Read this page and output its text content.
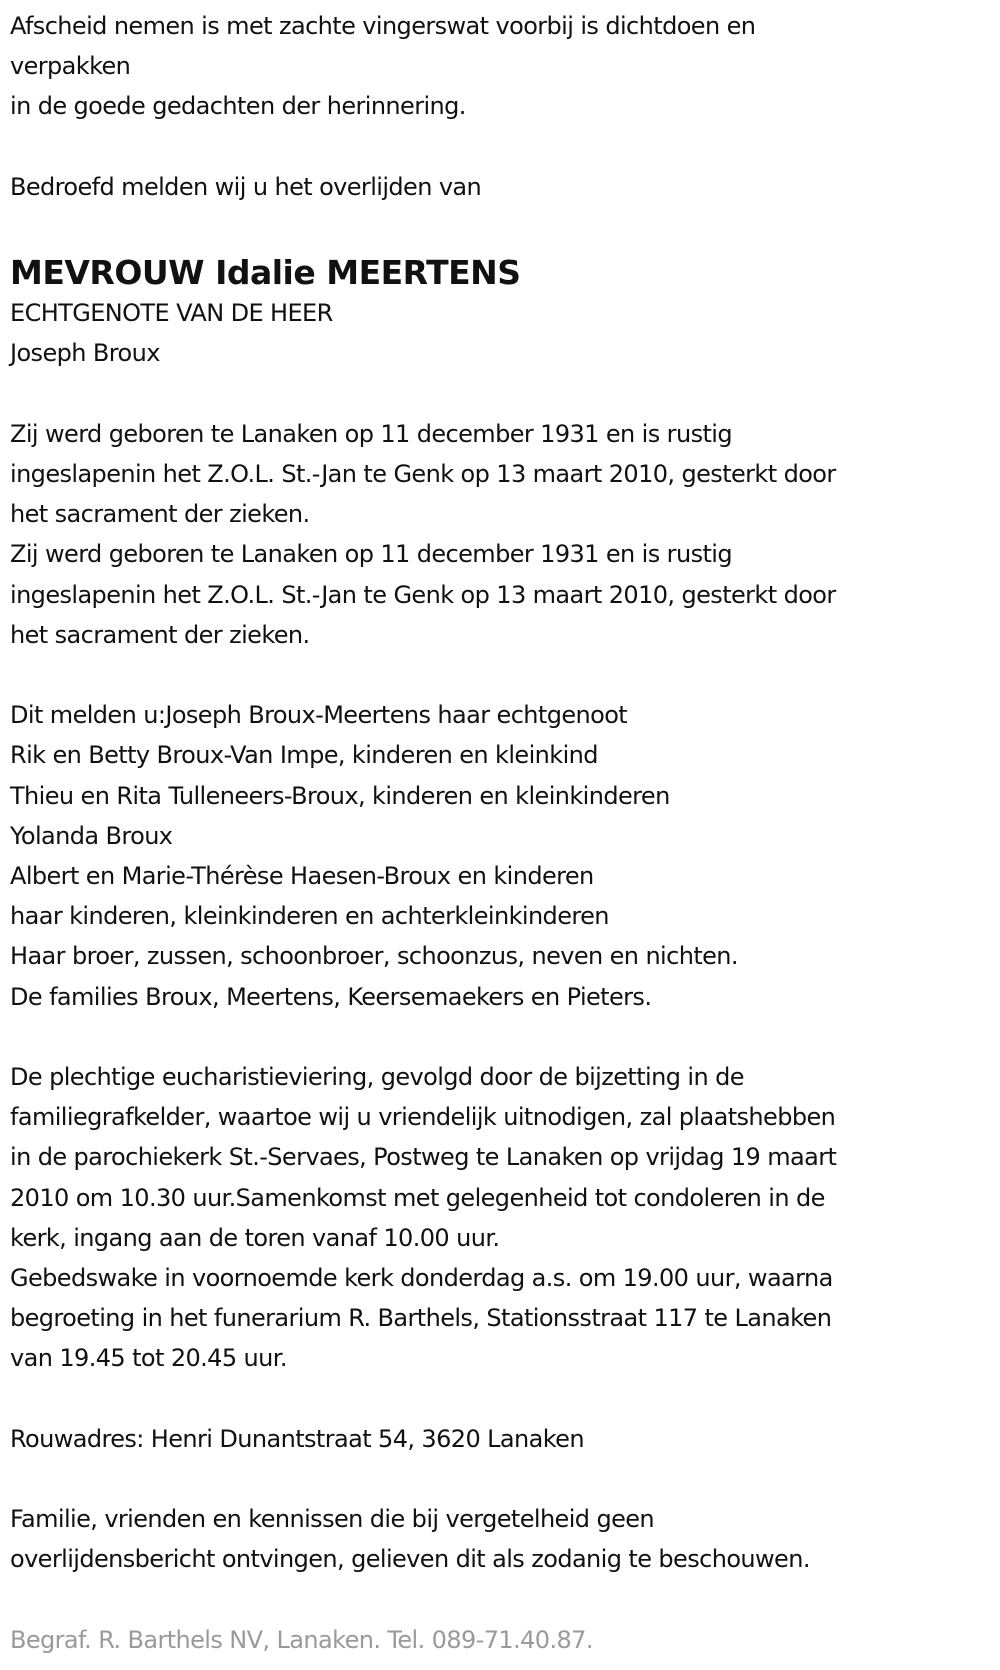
Afscheid nemen is met zachte vingerswat voorbij is dichtdoen en

verpakken

in de goede gedachten der herinnering.

Bedroefd melden wij u het overlijden van

MEVROUW Idalie MEERTENS

ECHTGENOTE VAN DE HEER

Joseph Broux

Zij werd geboren te Lanaken op 11 december 1931 en is rustig

ingeslapenin het Z.O.L. St.-Jan te Genk op 13 maart 2010, gesterkt door

het sacrament der zieken.

Zij werd geboren te Lanaken op 11 december 1931 en is rustig

ingeslapenin het Z.O.L. St.-Jan te Genk op 13 maart 2010, gesterkt door

het sacrament der zieken.

Dit melden u:Joseph Broux-Meertens haar echtgenoot

Rik en Betty Broux-Van Impe, kinderen en kleinkind

Thieu en Rita Tulleneers-Broux, kinderen en kleinkinderen

Yolanda Broux

Albert en Marie-Thérèse Haesen-Broux en kinderen

haar kinderen, kleinkinderen en achterkleinkinderen

Haar broer, zussen, schoonbroer, schoonzus, neven en nichten.

De families Broux, Meertens, Keersemaekers en Pieters.

De plechtige eucharistieviering, gevolgd door de bijzetting in de

familiegrafkelder, waartoe wij u vriendelijk uitnodigen, zal plaatshebben

in de parochiekerk St.-Servaes, Postweg te Lanaken op vrijdag 19 maart

2010 om 10.30 uur.Samenkomst met gelegenheid tot condoleren in de

kerk, ingang aan de toren vanaf 10.00 uur.

Gebedswake in voornoemde kerk donderdag a.s. om 19.00 uur, waarna

begroeting in het funerarium R. Barthels, Stationsstraat 117 te Lanaken

van 19.45 tot 20.45 uur.

Rouwadres: Henri Dunantstraat 54, 3620 Lanaken

Familie, vrienden en kennissen die bij vergetelheid geen

overlijdensbericht ontvingen, gelieven dit als zodanig te beschouwen.

Begraf. R. Barthels NV, Lanaken. Tel. 089-71.40.87.
